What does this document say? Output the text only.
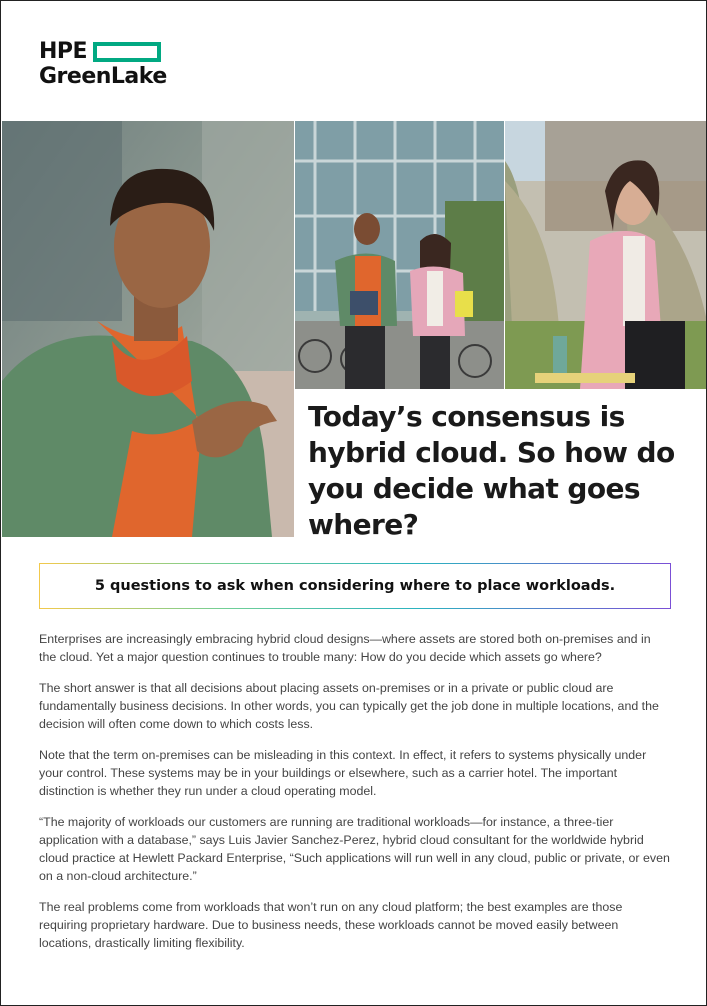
HPE
GreenLake
Today’s consensus is hybrid cloud. So how do you decide what goes where?
5 questions to ask when considering where to place workloads.

Enterprises are increasingly embracing hybrid cloud designs—where assets are stored both on-premises and in the cloud. Yet a major question continues to trouble many: How do you decide which assets go where?

The short answer is that all decisions about placing assets on-premises or in a private or public cloud are fundamentally business decisions. In other words, you can typically get the job done in multiple locations, and the decision will often come down to which costs less.

Note that the term on-premises can be misleading in this context. In effect, it refers to systems physically under your control. These systems may be in your buildings or elsewhere, such as a carrier hotel. The important distinction is whether they run under a cloud operating model.

“The majority of workloads our customers are running are traditional workloads—for instance, a three-tier application with a database,” says Luis Javier Sanchez-Perez, hybrid cloud consultant for the worldwide hybrid cloud practice at Hewlett Packard Enterprise, “Such applications will run well in any cloud, public or private, or even on a non-cloud architecture.”

The real problems come from workloads that won’t run on any cloud platform; the best examples are those requiring proprietary hardware. Due to business needs, these workloads cannot be moved easily between locations, drastically limiting flexibility.
